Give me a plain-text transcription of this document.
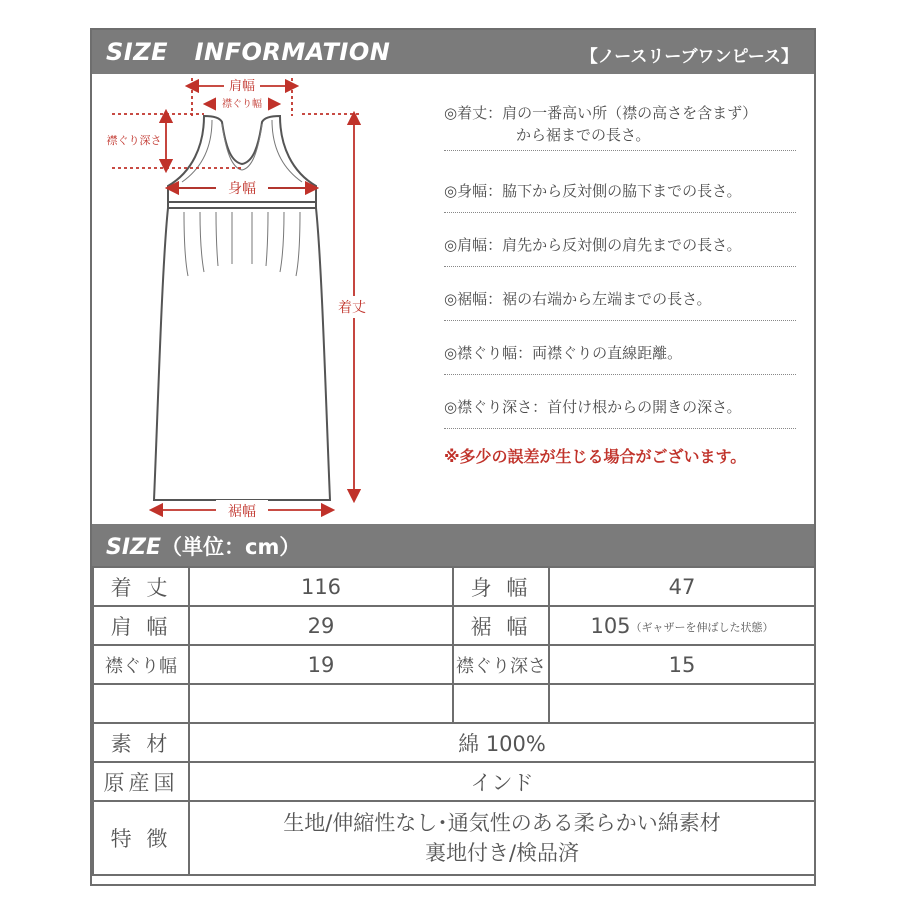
SIZE   INFORMATION	【ノースリーブワンピース】
肩幅
襟ぐり幅
襟ぐり深さ
身幅
着丈
裾幅
◎着丈：肩の一番高い所（襟の高さを含まず）
から裾までの長さ。
◎身幅：脇下から反対側の脇下までの長さ。
◎肩幅：肩先から反対側の肩先までの長さ。
◎裾幅：裾の右端から左端までの長さ。
◎襟ぐり幅：両襟ぐりの直線距離。
◎襟ぐり深さ：首付け根からの開きの深さ。
※多少の誤差が生じる場合がございます。
SIZE（単位：cm）
着 丈	116	身 幅	47
肩 幅	29	裾 幅	105（ギャザーを伸ばした状態）
襟ぐり幅	19	襟ぐり深さ	15

素 材	綿 100%		
原産国	インド		
特 徴	生地/伸縮性なし･通気性のある柔らかい綿素材
裏地付き/検品済		
